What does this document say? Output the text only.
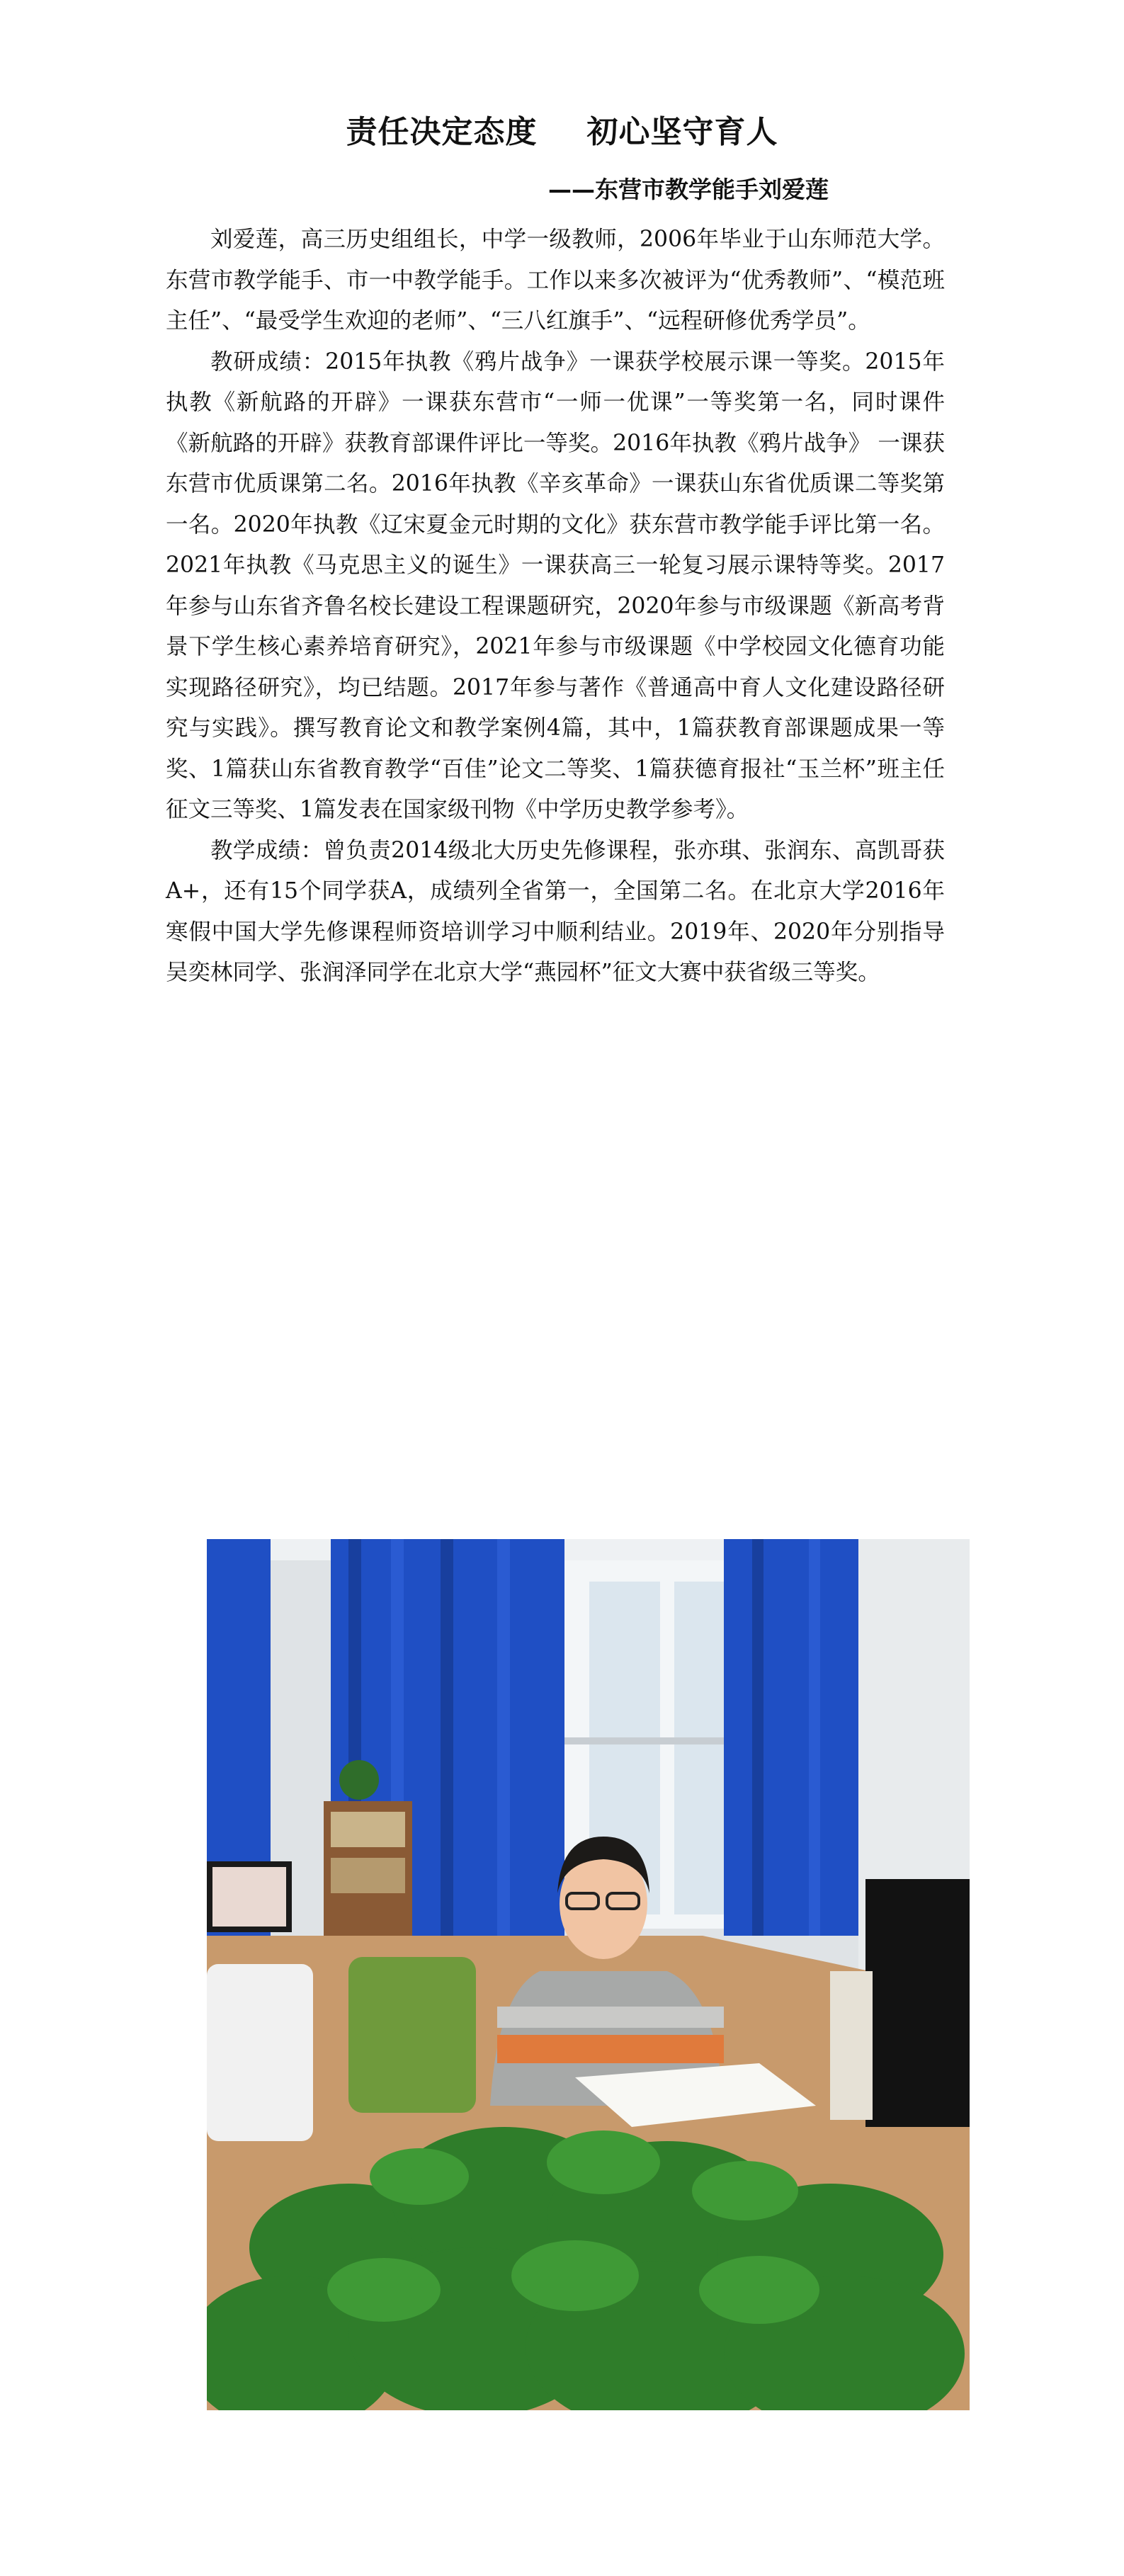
责任决定态度 初心坚守育人
——东营市教学能手刘爱莲

刘爱莲，高三历史组组长，中学一级教师，2006年毕业于山东师范大学。东营市教学能手、市一中教学能手。工作以来多次被评为“优秀教师”、“模范班主任”、“最受学生欢迎的老师”、“三八红旗手”、“远程研修优秀学员”。

教研成绩：2015年执教《鸦片战争》一课获学校展示课一等奖。2015年执教《新航路的开辟》一课获东营市“一师一优课”一等奖第一名，同时课件《新航路的开辟》获教育部课件评比一等奖。2016年执教《鸦片战争》 一课获东营市优质课第二名。2016年执教《辛亥革命》一课获山东省优质课二等奖第一名。2020年执教《辽宋夏金元时期的文化》获东营市教学能手评比第一名。2021年执教《马克思主义的诞生》一课获高三一轮复习展示课特等奖。2017年参与山东省齐鲁名校长建设工程课题研究，2020年参与市级课题《新高考背景下学生核心素养培育研究》，2021年参与市级课题《中学校园文化德育功能实现路径研究》，均已结题。2017年参与著作《普通高中育人文化建设路径研究与实践》。撰写教育论文和教学案例4篇，其中，1篇获教育部课题成果一等奖、1篇获山东省教育教学“百佳”论文二等奖、1篇获德育报社“玉兰杯”班主任征文三等奖、1篇发表在国家级刊物《中学历史教学参考》。

教学成绩：曾负责2014级北大历史先修课程，张亦琪、张润东、高凯哥获A+，还有15个同学获A，成绩列全省第一，全国第二名。在北京大学2016年寒假中国大学先修课程师资培训学习中顺利结业。2019年、2020年分别指导吴奕林同学、张润泽同学在北京大学“燕园杯”征文大赛中获省级三等奖。
